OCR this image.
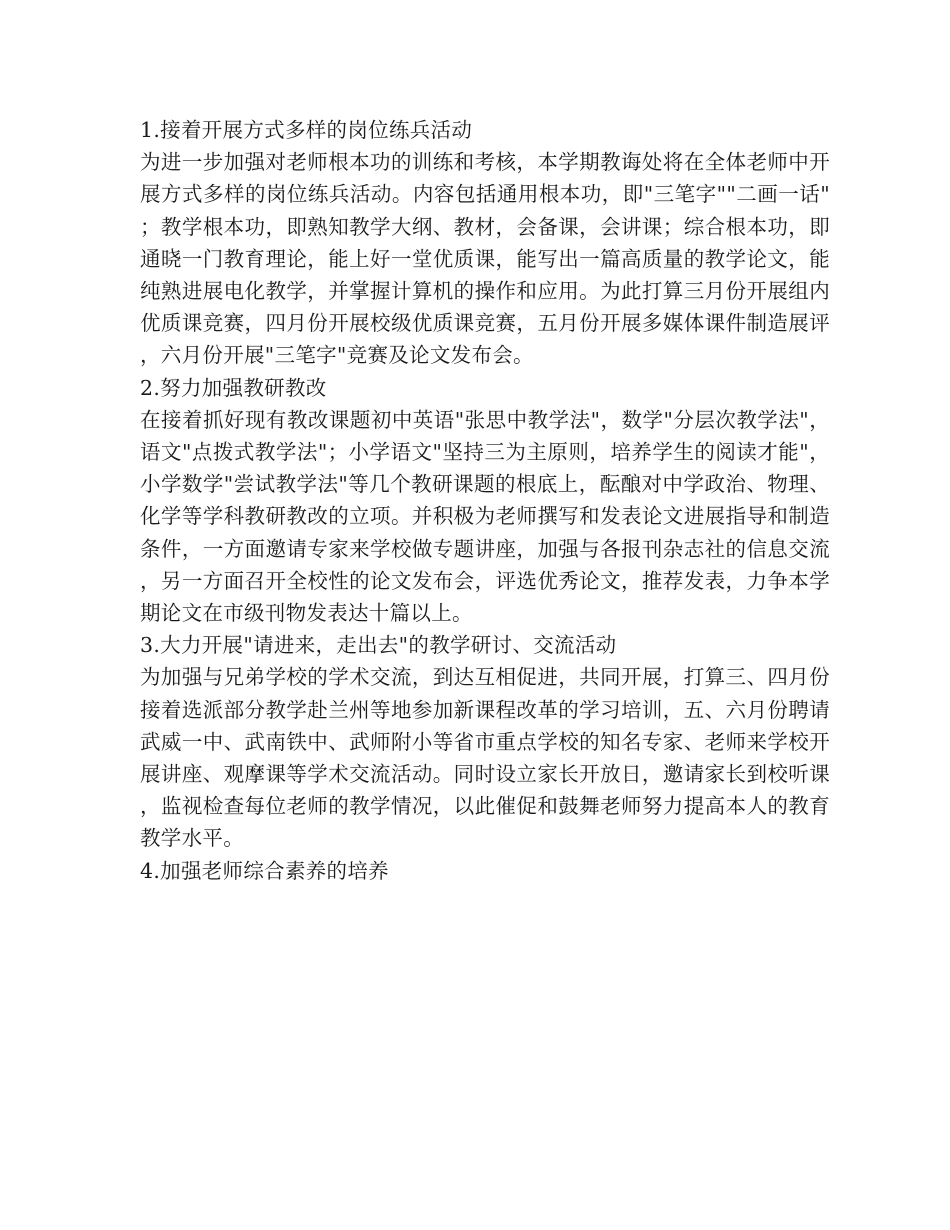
1.接着开展方式多样的岗位练兵活动

为进一步加强对老师根本功的训练和考核，本学期教诲处将在全体老师中开展方式多样的岗位练兵活动。内容包括通用根本功，即"三笔字""二画一话"；教学根本功，即熟知教学大纲、教材，会备课，会讲课；综合根本功，即通晓一门教育理论，能上好一堂优质课，能写出一篇高质量的教学论文，能纯熟进展电化教学，并掌握计算机的操作和应用。为此打算三月份开展组内优质课竞赛，四月份开展校级优质课竞赛，五月份开展多媒体课件制造展评，六月份开展"三笔字"竞赛及论文发布会。

2.努力加强教研教改

在接着抓好现有教改课题初中英语"张思中教学法"，数学"分层次教学法"，语文"点拨式教学法"；小学语文"坚持三为主原则，培养学生的阅读才能"，小学数学"尝试教学法"等几个教研课题的根底上，酝酿对中学政治、物理、化学等学科教研教改的立项。并积极为老师撰写和发表论文进展指导和制造条件，一方面邀请专家来学校做专题讲座，加强与各报刊杂志社的信息交流，另一方面召开全校性的论文发布会，评选优秀论文，推荐发表，力争本学期论文在市级刊物发表达十篇以上。

3.大力开展"请进来，走出去"的教学研讨、交流活动

为加强与兄弟学校的学术交流，到达互相促进，共同开展，打算三、四月份接着选派部分教学赴兰州等地参加新课程改革的学习培训，五、六月份聘请武威一中、武南铁中、武师附小等省市重点学校的知名专家、老师来学校开展讲座、观摩课等学术交流活动。同时设立家长开放日，邀请家长到校听课，监视检查每位老师的教学情况，以此催促和鼓舞老师努力提高本人的教育教学水平。

4.加强老师综合素养的培养
